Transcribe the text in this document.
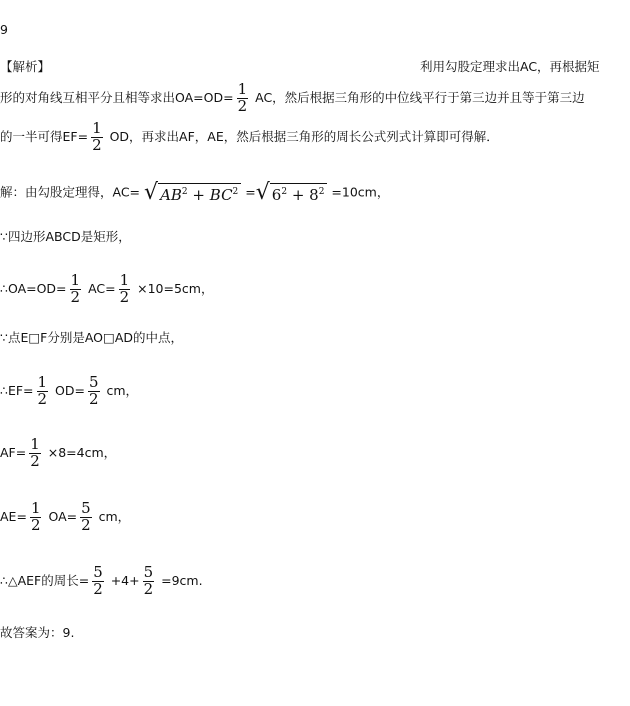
9
【解析】	利用勾股定理求出AC，再根据矩
形的对角线互相平分且相等求出$OA=OD= \frac{1}{2}$ AC，然后根据三角形的中位线平行于第三边并且等于第三边
的一半可得$EF= \frac{1}{2}$ OD，再求出AF，AE，然后根据三角形的周长公式列式计算即可得解．
解：由勾股定理得，AC= √ $AB^2 + BC^2$ = √ $6^2 + 8^2 =10cm$，
∵四边形ABCD是矩形，
∴OA=OD= $\frac{1}{2} AC= \frac{1}{2} \times 10=5cm$，
∵点E□F分别是AO□AD的中点，
∴EF= $\frac{1}{2} OD= \frac{5}{2}$ cm，
$AF= \frac{1}{2} \times 8=4cm$，
$AE= \frac{1}{2} OA= \frac{5}{2}$ cm，
∴△AEF的周长= $\frac{5}{2} +4+ \frac{5}{2} =9cm$.
故答案为：9.
